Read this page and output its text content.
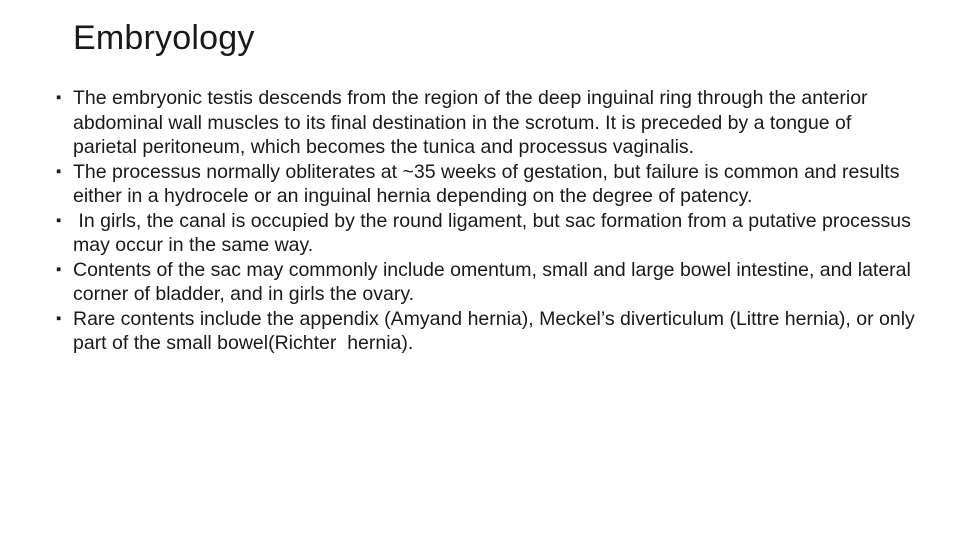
Embryology
▪ The embryonic testis descends from the region of the deep inguinal ring through the anterior abdominal wall muscles to its final destination in the scrotum. It is preceded by a tongue of parietal peritoneum, which becomes the tunica and processus vaginalis.
▪ The processus normally obliterates at ~35 weeks of gestation, but failure is common and results either in a hydrocele or an inguinal hernia depending on the degree of patency.
▪ In girls, the canal is occupied by the round ligament, but sac formation from a putative processus may occur in the same way.
▪ Contents of the sac may commonly include omentum, small and large bowel intestine, and lateral corner of bladder, and in girls the ovary.
▪ Rare contents include the appendix (Amyand hernia), Meckel’s diverticulum (Littre hernia), or only part of the small bowel(Richter  hernia).
